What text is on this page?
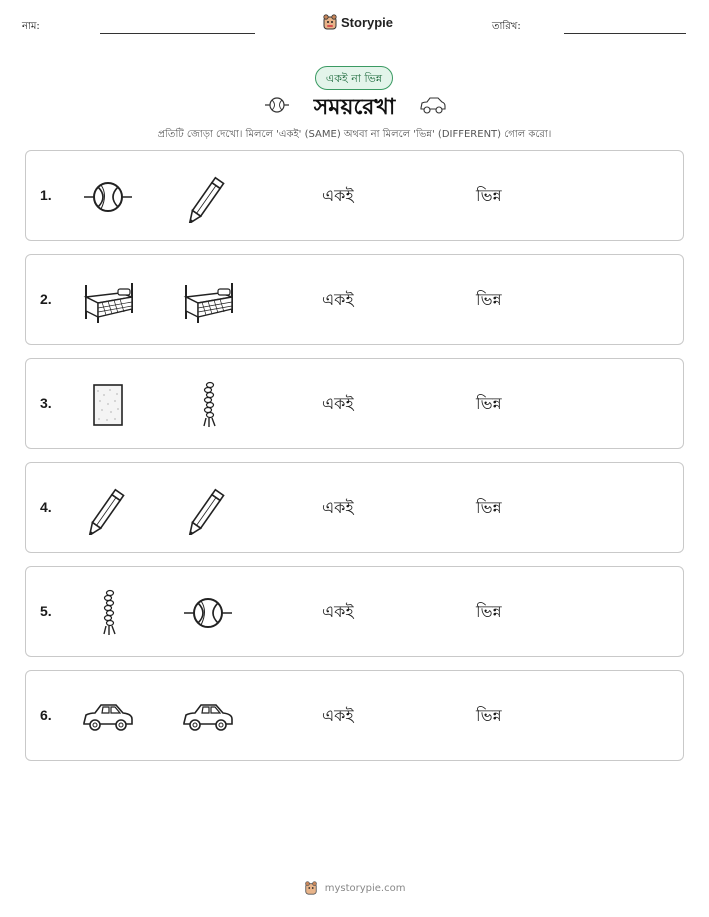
নাম:	Storypie	তারিখ:
একই না ভিন্ন
সময়রেখা
প্রতিটি জোড়া দেখো। মিললে 'একই' (SAME) অথবা না মিললে 'ভিন্ন' (DIFFERENT) গোল করো।
1.	একই	ভিন্ন
2.	একই	ভিন্ন
3.	একই	ভিন্ন
4.	একই	ভিন্ন
5.	একই	ভিন্ন
6.	একই	ভিন্ন
mystorypie.com
